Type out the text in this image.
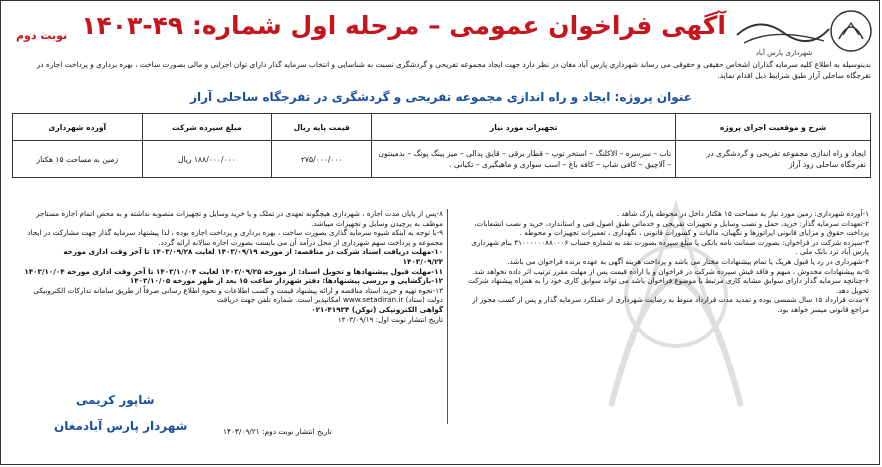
نوبت دوم آگهی فراخوان عمومی – مرحله اول شماره: ۴۹-۱۴۰۳
شهرداری پارس آباد
بدینوسیله به اطلاع کلیه سرمایه گذاران اشخاص حقیقی و حقوقی می رساند شهرداری پارس آباد مغان در نظر دارد جهت ایجاد مجموعه تفریحی و گردشگری نسبت به شناسایی و انتخاب سرمایه گذار دارای توان اجرایی و مالی بصورت ساخت ، بهره برداری و پرداخت اجاره در تفرجگاه ساحلی آراز طبق شرایط ذیل اقدام نماید.
عنوان پروژه: ایجاد و راه اندازی مجموعه تفریحی و گردشگری در تفرجگاه ساحلی آراز
شرح و موقعیت اجرای پروژه	تجهیزات مورد نیاز	قیمت پایه ریال	مبلغ سپرده شرکت	آورده شهرداری
ایجاد و راه اندازی مجموعه تفریحی و گردشگری در تفرجگاه ساحلی رود آراز	تاب – سرسره – الاکلنگ – استخر توپ – قطار برقی – قایق پدالی – میز پینگ پونگ – بدمینتون – آلاچیق – کافی شاپ – کافه باغ – اسب سواری و ماهیگیری – تکیانی .	۲۷۵/۰۰۰/۰۰۰	۱۸۸/۰۰۰/۰۰۰ ریال	زمین به مساحت ۱۵ هکتار

۱-آورده شهرداری: زمین مورد نیاز به مساحت ۱۵ هکتار داخل در محوطه پارک شاهد .

۲-تعهدات سرمایه گذار: خرید، حمل و نصب وسایل و تجهیزات تفریحی و خدماتی طبق اصول فنی و استاندارد، خرید و نصب انشعابات، پرداخت حقوق و مزایای قانونی اپراتورها و نگهبان، مالیات و کسورات قانونی ، نگهداری ، تعمیرات تجهیزات و محوطه .

۳-سپرده شرکت در فراخوان: بصورت ضمانت نامه بانکی یا مبلغ سپرده بصورت نقد به شماره حساب ۳۱۰۰۰۰۰۰۸۸۰۰۰۶ بنام شهرداری پارس آباد نزد بانک ملی .

۴-شهرداری در رد یا قبول هریک یا تمام پیشنهادات مختار می باشد و پرداخت هزینه آگهی به عهده برنده فراخوان می باشد.

۵-به پیشنهادات مخدوش ، مبهم و فاقد فیش سپرده شرکت در فراخوان و یا اراده قیمت پس از مهلت مقرر ترتیب اثر داده نخواهد شد.

۶-چنانچه سرمایه گذار دارای سوابق مشابه کاری مرتبط با موضوع فراخوان باشد می تواند سوابق کاری خود را به همراه پیشنهاد شرکت تحویل دهد.

۷-مدت قرارداد ۱۵ سال شمسی بوده و تمدید مدت قرارداد منوط به رضایت شهرداری از عملکرد سرمایه گذار و پس از کسب مجوز از مراجع قانونی میسر خواهد بود.

۸-پس از پایان مدت اجاره ، شهرداری هیچگونه تعهدی در تملک و یا خرید وسایل و تجهیزات منصوبه نداشته و به محض اتمام اجاره مستاجر موظف به برچیدن وسایل و تجهیزات میباشد.

۹-با توجه به اینکه شیوه سرمایه گذاری بصورت ساخت ، بهره برداری و پرداخت اجاره بوده ، لذا پیشنهاد سرمایه گذار جهت مشارکت در ایجاد مجموعه و پرداخت سهم شهرداری از محل درآمد آن می بایست بصورت اجاره سالانه ارائه گردد.

۱۰-مهلت دریافت اسناد شرکت در مناقصه: از مورخه ۱۴۰۳/۰۹/۱۹ لغایت ۱۴۰۳/۰۹/۲۸ تا آخر وقت اداری مورخه ۱۴۰۳/۰۹/۲۴

۱۱-مهلت قبول پیشنهادها و تحویل اسناد: از مورخه ۱۴۰۳/۰۹/۲۵ لغایت ۱۴۰۳/۱۰/۰۴ تا آخر وقت اداری مورخه ۱۴۰۳/۱۰/۰۴

۱۲-بازگشایی و بررسی پیشنهادها: دفتر شهردار ساعت ۱۵ بعد از ظهر مورخه ۱۴۰۳/۱۰/۰۵

۱۳-نحوه تهیه و خرید اسناد مناقصه و ارائه پیشنهاد قیمت و کسب اطلاعات و نحوه اطلاع رسانی صرفاً از طریق سامانه تدارکات الکترونیکی دولت (ستاد) www.setadiran.ir امکانپذیر است. شماره تلفن جهت دریافت

گواهی الکترونیکی (توکن) ۴۱۹۳۴-۰۲۱

تاریخ انتشار نوبت اول: ۱۴۰۳/۰۹/۱۹

شاپور کریمی
شهردار پارس آبادمغان	تاریخ انتشار نوبت دوم: ۱۴۰۳/۰۹/۲۱
